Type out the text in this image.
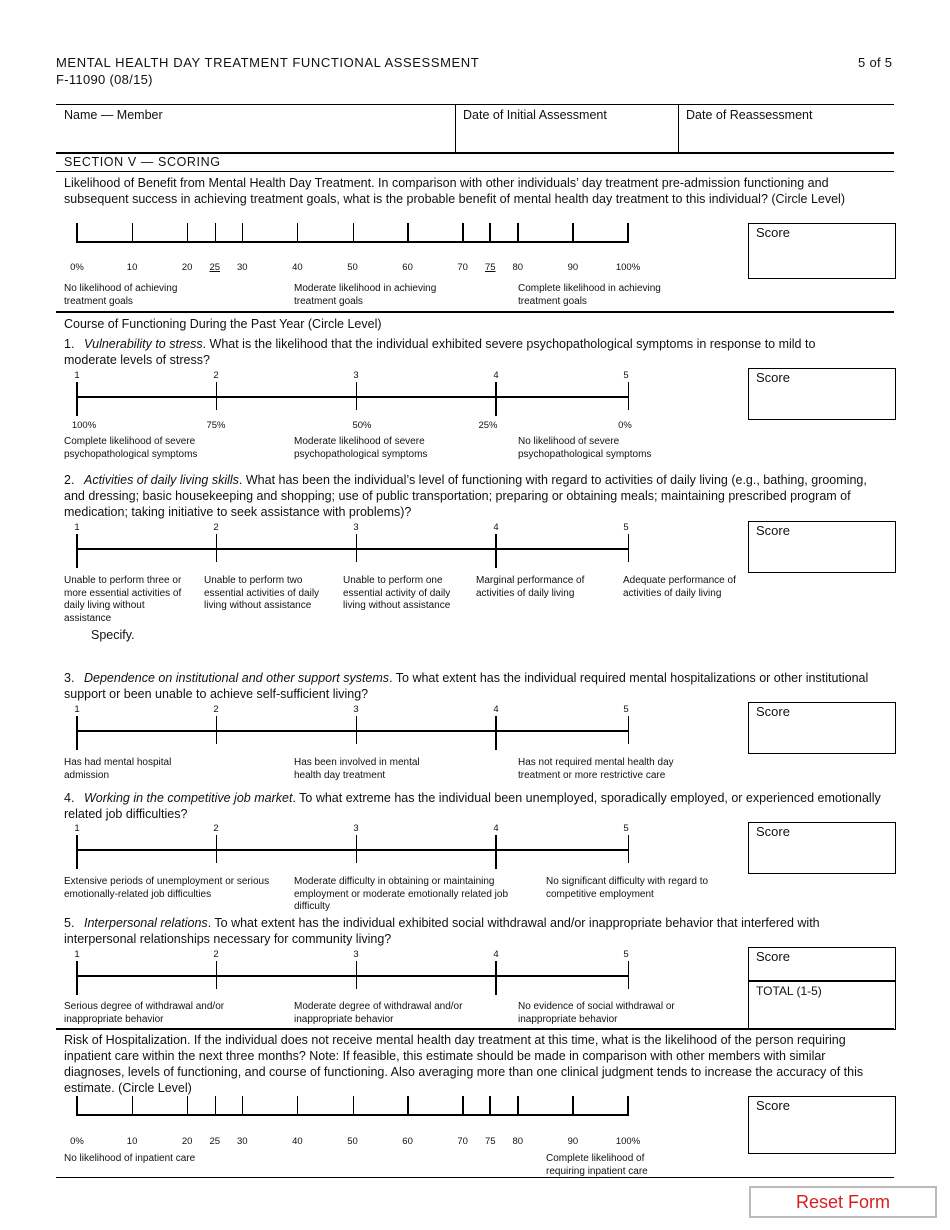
MENTAL HEALTH DAY TREATMENT FUNCTIONAL ASSESSMENT
F-11090 (08/15)
5 of 5
Name — Member	Date of Initial Assessment	Date of Reassessment
SECTION V — SCORING
Likelihood of Benefit from Mental Health Day Treatment. In comparison with other individuals’ day treatment pre-admission functioning and subsequent success in achieving treatment goals, what is the probable benefit of mental health day treatment to this individual? (Circle Level)
0%	10	20 25 30	40	50	60	70 75 80	90	100%
No likelihood of achieving treatment goals
Moderate likelihood in achieving treatment goals
Complete likelihood in achieving treatment goals
Score
Course of Functioning During the Past Year (Circle Level)
1. Vulnerability to stress. What is the likelihood that the individual exhibited severe psychopathological symptoms in response to mild to moderate levels of stress?
1	2	3	4	5
100%	75%	50%	25%	0%
Complete likelihood of severe psychopathological symptoms
Moderate likelihood of severe psychopathological symptoms
No likelihood of severe psychopathological symptoms
Score
2. Activities of daily living skills. What has been the individual’s level of functioning with regard to activities of daily living (e.g., bathing, grooming, and dressing; basic housekeeping and shopping; use of public transportation; preparing or obtaining meals; maintaining prescribed program of medication; taking initiative to seek assistance with problems)?
1	2	3	4	5
Unable to perform three or more essential activities of daily living without assistance
Unable to perform two essential activities of daily living without assistance
Unable to perform one essential activity of daily living without assistance
Marginal performance of activities of daily living
Adequate performance of activities of daily living
Specify.
Score
3. Dependence on institutional and other support systems. To what extent has the individual required mental hospitalizations or other institutional support or been unable to achieve self-sufficient living?
1	2	3	4	5
Has had mental hospital admission
Has been involved in mental health day treatment
Has not required mental health day treatment or more restrictive care
Score
4. Working in the competitive job market. To what extreme has the individual been unemployed, sporadically employed, or experienced emotionally related job difficulties?
1	2	3	4	5
Extensive periods of unemployment or serious emotionally-related job difficulties
Moderate difficulty in obtaining or maintaining employment or moderate emotionally related job difficulty
No significant difficulty with regard to competitive employment
Score
5. Interpersonal relations. To what extent has the individual exhibited social withdrawal and/or inappropriate behavior that interfered with interpersonal relationships necessary for community living?
1	2	3	4	5
Serious degree of withdrawal and/or inappropriate behavior
Moderate degree of withdrawal and/or inappropriate behavior
No evidence of social withdrawal or inappropriate behavior
Score
TOTAL (1-5)
Risk of Hospitalization. If the individual does not receive mental health day treatment at this time, what is the likelihood of the person requiring inpatient care within the next three months? Note: If feasible, this estimate should be made in comparison with other members with similar diagnoses, levels of functioning, and course of functioning. Also averaging more than one clinical judgment tends to increase the accuracy of this estimate. (Circle Level)
0%	10	20 25 30	40	50	60	70 75 80	90	100%
No likelihood of inpatient care	Complete likelihood of requiring inpatient care
Score
Reset Form
